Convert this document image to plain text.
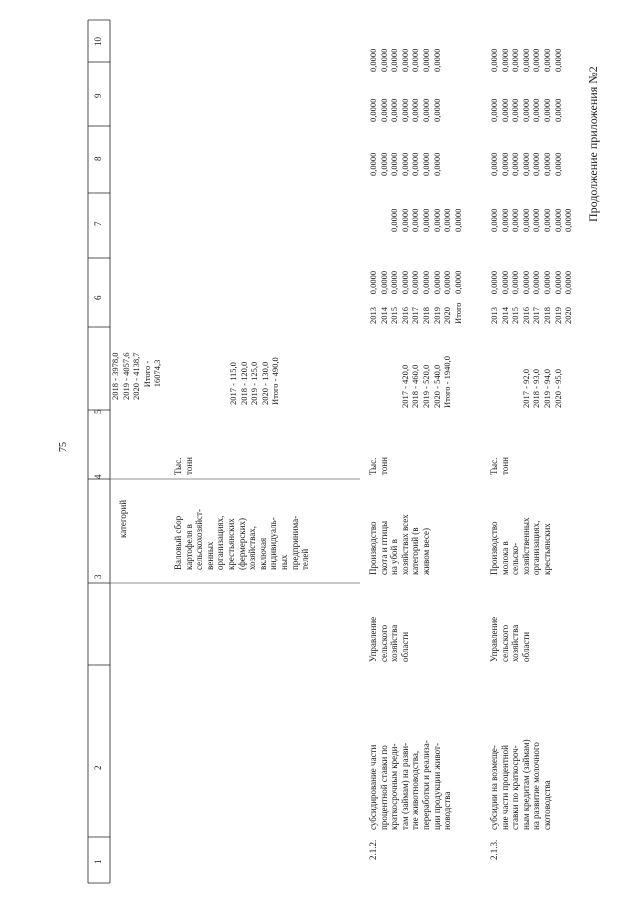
75
Продолжение приложения №2
1
2
3
4
5
6
7
8
9
10
категорий
2018 - 3978,0
2019 - 4057,6
2020 - 4138,7
Итого -
16074,3
Валовый сбор
картофеля в
сельскохозяйст-
венных
организациях,
крестьянских
(фермерских)
хозяйствах,
включая
индивидуаль-
ных
предпринима-
телей
Тыс.
тонн
2017 - 115,0
2018 - 120,0
2019 - 125,0
2020 - 130,0
Итого - 490,0
2.1.2.
субсидирование части
процентной ставки по
краткосрочным креди-
там (займам) на разви-
тие животноводства,
переработки и реализа-
ции продукции живот-
новодства
Управление
сельского
хозяйства
области
Производство
скота и птицы
на убой в
хозяйствах всех
категорий (в
живом весе)
Тыс.
тонн

2017 - 420,0
2018 - 460,0
2019 - 520,0
2020 - 540,0
Итого - 1940,0
2013      0,0000
2014      0,0000
2015      0,0000
2016      0,0000
2017      0,0000
2018      0,0000
2019      0,0000
2020      0,0000
Итого    0,0000

0,0000
0,0000
0,0000
0,0000
0,0000
0,0000
0,0000
0,0000
0,0000
0,0000
0,0000
0,0000
0,0000
0,0000
0,0000
0,0000
0,0000
0,0000
0,0000
0,0000
0,0000
0,0000
0,0000
0,0000
0,0000
0,0000
0,0000
0,0000
2.1.3.
субсидии на возмеще-
ние части процентной
ставки по краткосроч-
ным кредитам (займам)
на развитие молочного
скотоводства
Управление
сельского
хозяйства
области
Производство
молока в
сельско-
хозяйственных
организациях,
крестьянских
Тыс.
тонн

2017 - 92,0
2018 - 93,0
2019 - 94,0
2020 - 95,0
2013      0,0000
2014      0,0000
2015      0,0000
2016      0,0000
2017      0,0000
2018      0,0000
2019      0,0000
2020      0,0000
0,0000
0,0000
0,0000
0,0000
0,0000
0,0000
0,0000
0,0000
0,0000
0,0000
0,0000
0,0000
0,0000
0,0000
0,0000
0,0000
0,0000
0,0000
0,0000
0,0000
0,0000
0,0000
0,0000
0,0000
0,0000
0,0000
0,0000
0,0000
0,0000
